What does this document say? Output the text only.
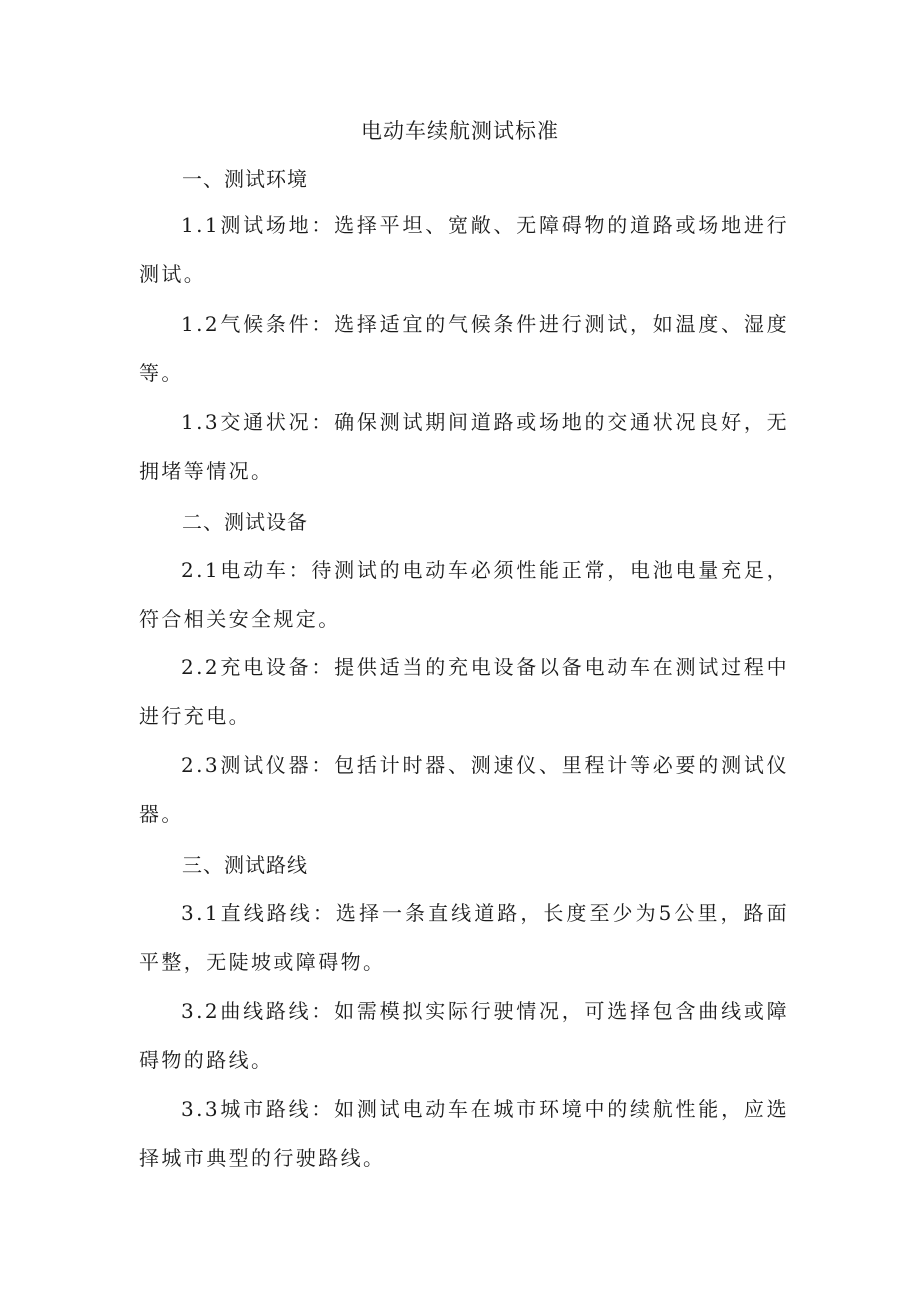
电动车续航测试标准
一、测试环境
1.1测试场地：选择平坦、宽敞、无障碍物的道路或场地进行测试。
1.2气候条件：选择适宜的气候条件进行测试，如温度、湿度等。
1.3交通状况：确保测试期间道路或场地的交通状况良好，无拥堵等情况。
二、测试设备
2.1电动车：待测试的电动车必须性能正常，电池电量充足，符合相关安全规定。
2.2充电设备：提供适当的充电设备以备电动车在测试过程中进行充电。
2.3测试仪器：包括计时器、测速仪、里程计等必要的测试仪器。
三、测试路线
3.1直线路线：选择一条直线道路，长度至少为5公里，路面平整，无陡坡或障碍物。
3.2曲线路线：如需模拟实际行驶情况，可选择包含曲线或障碍物的路线。
3.3城市路线：如测试电动车在城市环境中的续航性能，应选择城市典型的行驶路线。
